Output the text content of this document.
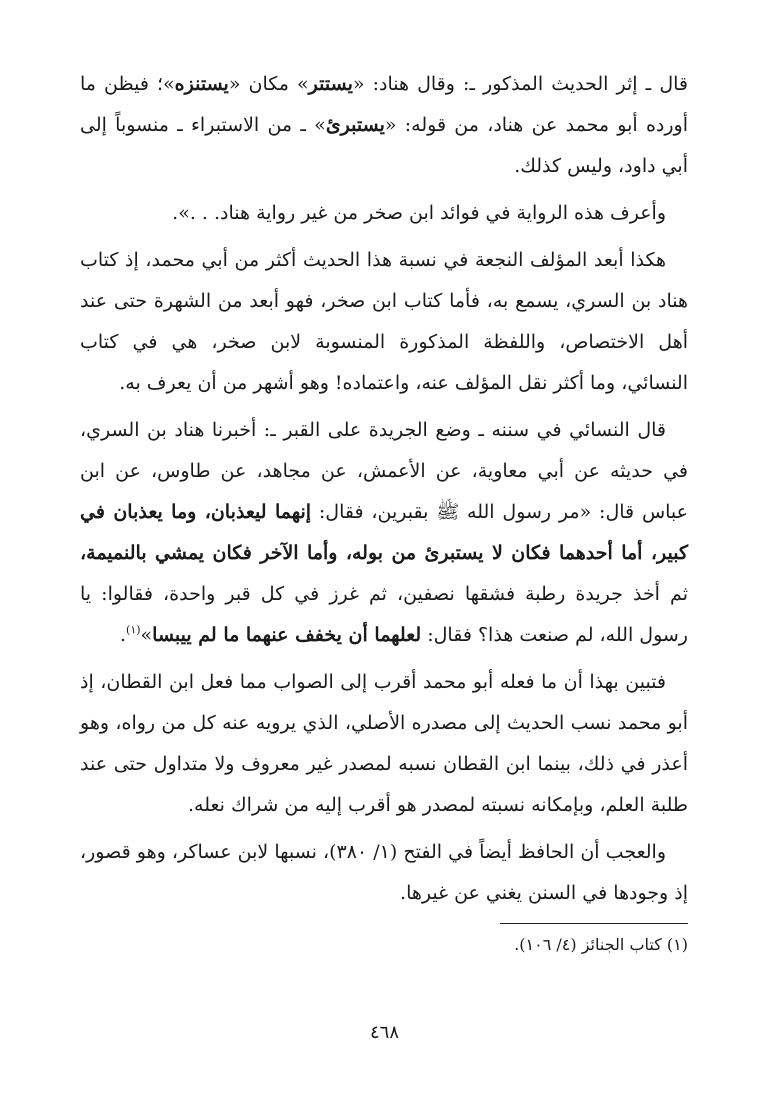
قال ـ إثر الحديث المذكور ـ: وقال هناد: «يستتر» مكان «يستنزه»؛ فيظن ما أورده أبو محمد عن هناد، من قوله: «يستبرئ» ـ من الاستبراء ـ منسوباً إلى أبي داود، وليس كذلك.

وأعرف هذه الرواية في فوائد ابن صخر من غير رواية هناد. . .».

هكذا أبعد المؤلف النجعة في نسبة هذا الحديث أكثر من أبي محمد، إذ كتاب هناد بن السري، يسمع به، فأما كتاب ابن صخر، فهو أبعد من الشهرة حتى عند أهل الاختصاص، واللفظة المذكورة المنسوبة لابن صخر، هي في كتاب النسائي، وما أكثر نقل المؤلف عنه، واعتماده! وهو أشهر من أن يعرف به.

قال النسائي في سننه ـ وضع الجريدة على القبر ـ: أخبرنا هناد بن السري، في حديثه عن أبي معاوية، عن الأعمش، عن مجاهد، عن طاوس، عن ابن عباس قال: «مر رسول الله ﷺ بقبرين، فقال: إنهما ليعذبان، وما يعذبان في كبير، أما أحدهما فكان لا يستبرئ من بوله، وأما الآخر فكان يمشي بالنميمة، ثم أخذ جريدة رطبة فشقها نصفين، ثم غرز في كل قبر واحدة، فقالوا: يا رسول الله، لم صنعت هذا؟ فقال: لعلهما أن يخفف عنهما ما لم ييبسا»$^{(١)}$.

فتبين بهذا أن ما فعله أبو محمد أقرب إلى الصواب مما فعل ابن القطان، إذ أبو محمد نسب الحديث إلى مصدره الأصلي، الذي يرويه عنه كل من رواه، وهو أعذر في ذلك، بينما ابن القطان نسبه لمصدر غير معروف ولا متداول حتى عند طلبة العلم، وبإمكانه نسبته لمصدر هو أقرب إليه من شراك نعله.

والعجب أن الحافظ أيضاً في الفتح (١/ ٣٨٠)، نسبها لابن عساكر، وهو قصور، إذ وجودها في السنن يغني عن غيرها.

(١) كتاب الجنائز (٤/ ١٠٦).
٤٦٨
